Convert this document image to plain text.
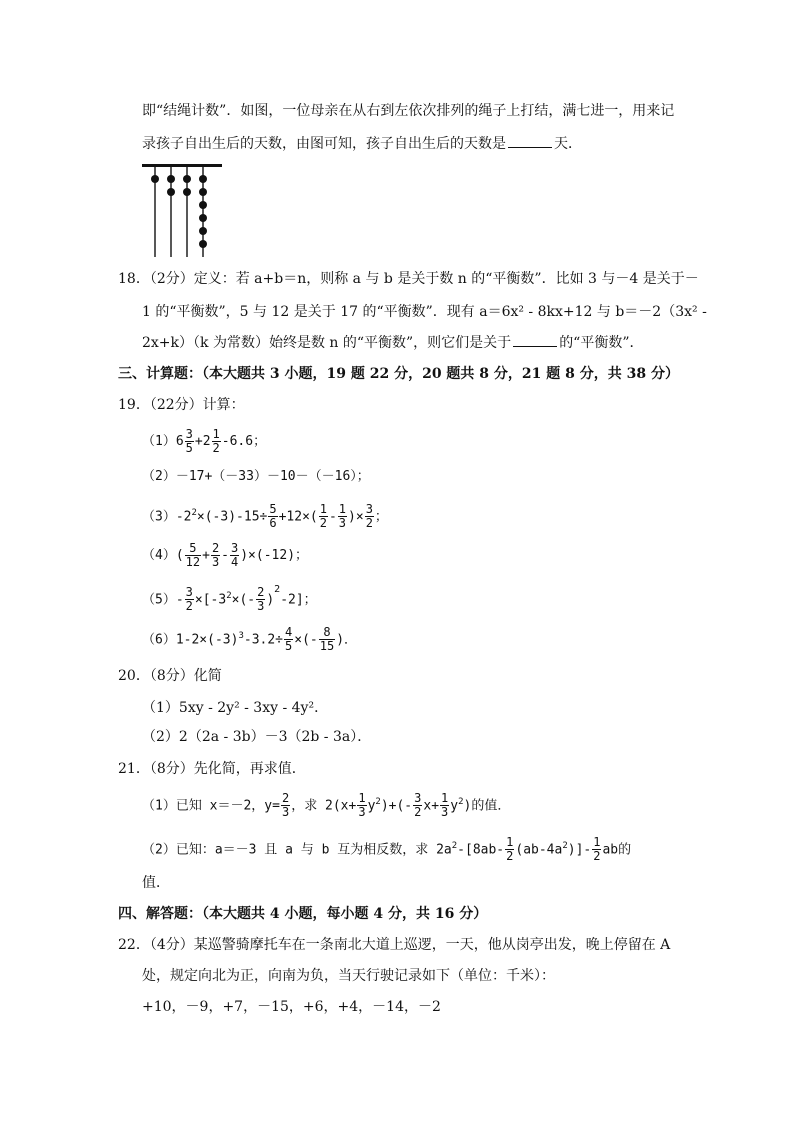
即“结绳计数”．如图，一位母亲在从右到左依次排列的绳子上打结，满七进一，用来记
录孩子自出生后的天数，由图可知，孩子自出生后的天数是	天．
18．（2分）定义：若 a+b＝n，则称 a 与 b 是关于数 n 的“平衡数”．比如 3 与－4 是关于－
1 的“平衡数”，5 与 12 是关于 17 的“平衡数”．现有 a＝6x² - 8kx+12 与 b＝－2（3x² -
2x+k）（k 为常数）始终是数 n 的“平衡数”，则它们是关于	的“平衡数”．
三、计算题：（本大题共 3 小题，19 题 22 分，20 题共 8 分，21 题 8 分，共 38 分）
19．（22分）计算：
$(1)6 \frac{3}{5} +2 \frac{1}{2} -6.6$；
（2）－17+（－33）－10－（－16）；
$(3)-2^2\times(-3)-15\div \frac{5}{6} +12\times( \frac{1}{2} - \frac{1}{3}$ )× $\frac{3}{2}$ ；
$(4)( \frac{5}{12} + \frac{2}{3} - \frac{3}{4} )\times(-12)$；
$(5)- \frac{3}{2} \times[-3^2\times(- \frac{2}{3} )^2-2]$；
$(6)1-2\times(-3)^3-3.2\div \frac{4}{5}$ ×(- $\frac{8}{15}$ )．
20．（8分）化简
（1）5xy - 2y² - 3xy - 4y²．
（2）2（2a - 3b）－3（2b - 3a）．
21．（8分）先化简，再求值．
（1）已知 x＝－2，$y= \frac{2}{3}$ ，求 $2(x+ \frac{1}{3} y^2)+(- \frac{3}{2} x+ \frac{1}{3} y^2)$的值．
（2）已知：a＝－3 且 a 与 b 互为相反数，求 $2a^2-[8ab- \frac{1}{2} (ab-4a^2)]- \frac{1}{2}$ ab的
值．
四、解答题：（本大题共 4 小题，每小题 4 分，共 16 分）
22．（4分）某巡警骑摩托车在一条南北大道上巡逻，一天，他从岗亭出发，晚上停留在 A
处，规定向北为正，向南为负，当天行驶记录如下（单位：千米）：
+10，－9，+7，－15，+6，+4，－14，－2
